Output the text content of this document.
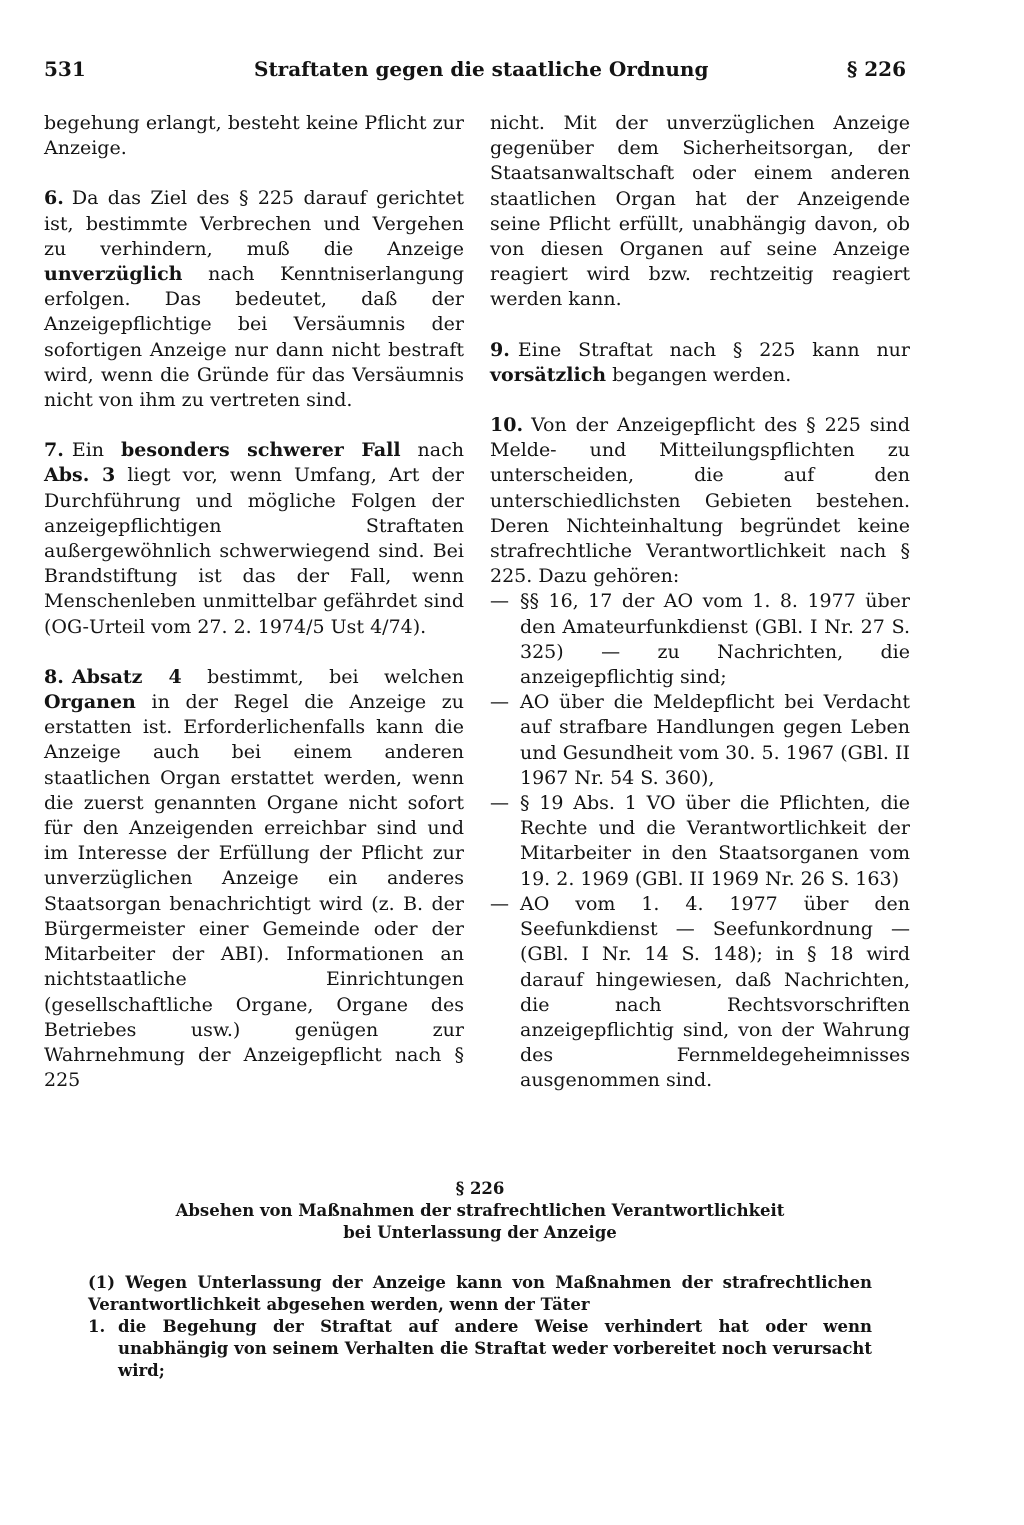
531	Straftaten gegen die staatliche Ordnung	§ 226

begehung erlangt, besteht keine Pflicht zur Anzeige.

6. Da das Ziel des § 225 darauf gerichtet ist, bestimmte Verbrechen und Vergehen zu verhindern, muß die Anzeige unverzüglich nach Kenntniserlangung erfolgen. Das bedeutet, daß der Anzeigepflichtige bei Versäumnis der sofortigen Anzeige nur dann nicht bestraft wird, wenn die Gründe für das Versäumnis nicht von ihm zu vertreten sind.

7. Ein besonders schwerer Fall nach Abs. 3 liegt vor, wenn Umfang, Art der Durchführung und mögliche Folgen der anzeigepflichtigen Straftaten außergewöhnlich schwerwiegend sind. Bei Brandstiftung ist das der Fall, wenn Menschenleben unmittelbar gefährdet sind (OG-Urteil vom 27. 2. 1974/5 Ust 4/74).

8. Absatz 4 bestimmt, bei welchen Organen in der Regel die Anzeige zu erstatten ist. Erforderlichenfalls kann die Anzeige auch bei einem anderen staatlichen Organ erstattet werden, wenn die zuerst genannten Organe nicht sofort für den Anzeigenden erreichbar sind und im Interesse der Erfüllung der Pflicht zur unverzüglichen Anzeige ein anderes Staatsorgan benachrichtigt wird (z. B. der Bürgermeister einer Gemeinde oder der Mitarbeiter der ABI). Informationen an nichtstaatliche Einrichtungen (gesellschaftliche Organe, Organe des Betriebes usw.) genügen zur Wahrnehmung der Anzeigepflicht nach § 225

nicht. Mit der unverzüglichen Anzeige gegenüber dem Sicherheitsorgan, der Staatsanwaltschaft oder einem anderen staatlichen Organ hat der Anzeigende seine Pflicht erfüllt, unabhängig davon, ob von diesen Organen auf seine Anzeige reagiert wird bzw. rechtzeitig reagiert werden kann.

9. Eine Straftat nach § 225 kann nur vorsätzlich begangen werden.

10. Von der Anzeigepflicht des § 225 sind Melde- und Mitteilungspflichten zu unterscheiden, die auf den unterschiedlichsten Gebieten bestehen. Deren Nichteinhaltung begründet keine strafrechtliche Verantwortlichkeit nach § 225. Dazu gehören:

— §§ 16, 17 der AO vom 1. 8. 1977 über den Amateurfunkdienst (GBl. I Nr. 27 S. 325) — zu Nachrichten, die anzeigepflichtig sind;
— AO über die Meldepflicht bei Verdacht auf strafbare Handlungen gegen Leben und Gesundheit vom 30. 5. 1967 (GBl. II 1967 Nr. 54 S. 360),
— § 19 Abs. 1 VO über die Pflichten, die Rechte und die Verantwortlichkeit der Mitarbeiter in den Staatsorganen vom 19. 2. 1969 (GBl. II 1969 Nr. 26 S. 163)
— AO vom 1. 4. 1977 über den Seefunkdienst — Seefunkordnung — (GBl. I Nr. 14 S. 148); in § 18 wird darauf hingewiesen, daß Nachrichten, die nach Rechtsvorschriften anzeigepflichtig sind, von der Wahrung des Fernmeldegeheimnisses ausgenommen sind.
§ 226
Absehen von Maßnahmen der strafrechtlichen Verantwortlichkeit
bei Unterlassung der Anzeige

(1) Wegen Unterlassung der Anzeige kann von Maßnahmen der strafrechtlichen Verantwortlichkeit abgesehen werden, wenn der Täter

1. die Begehung der Straftat auf andere Weise verhindert hat oder wenn unabhängig von seinem Verhalten die Straftat weder vorbereitet noch verursacht wird;
